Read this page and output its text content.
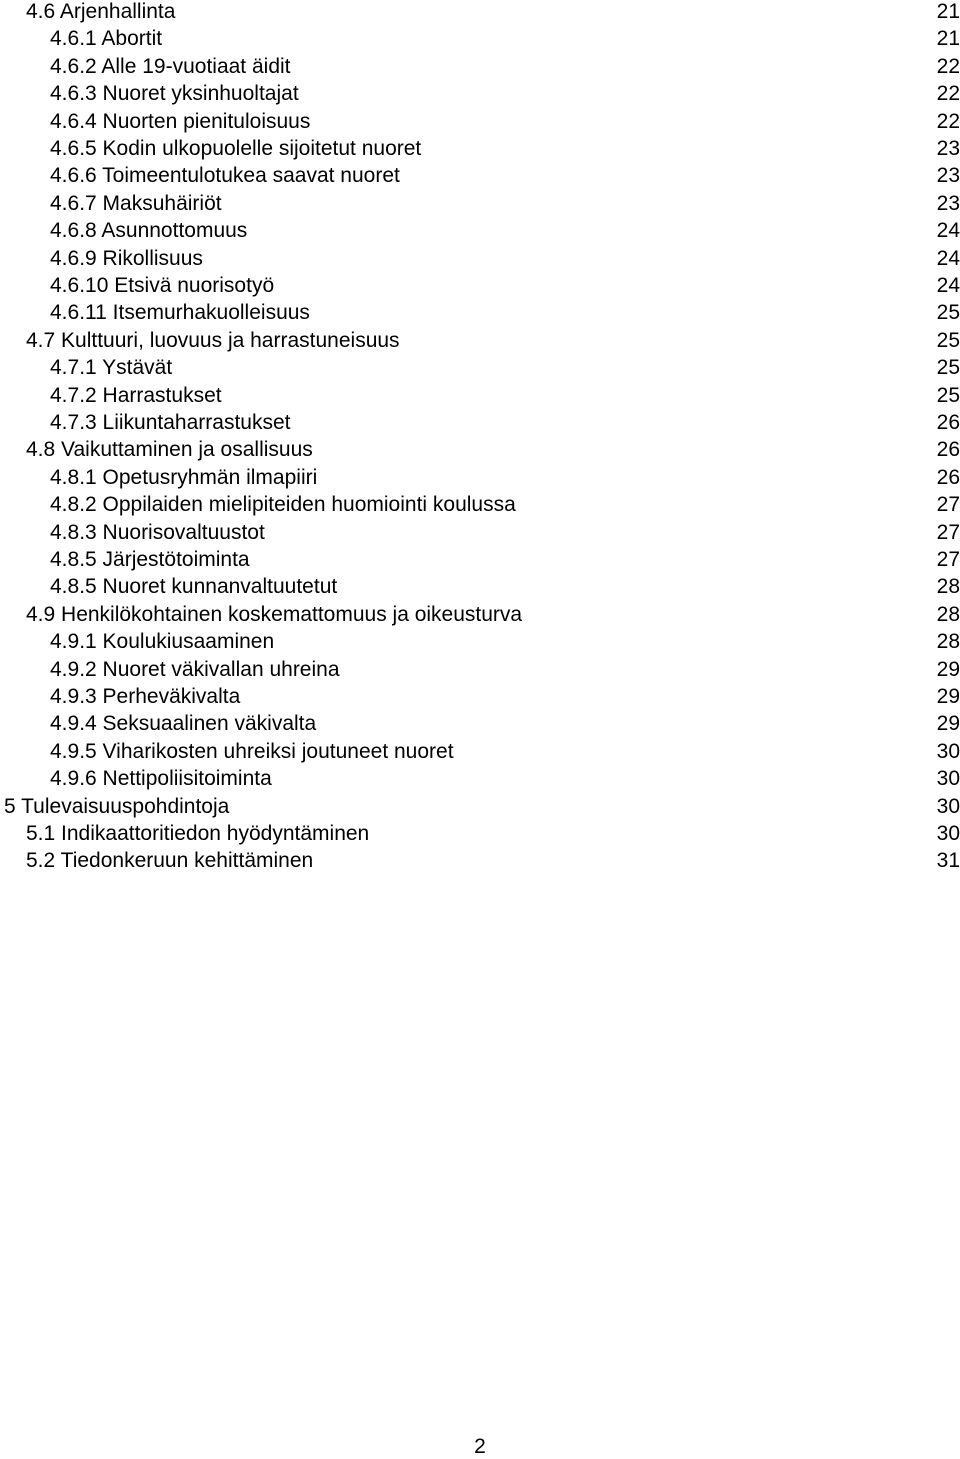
4.6 Arjenhallinta	21
4.6.1 Abortit	21
4.6.2 Alle 19-vuotiaat äidit	22
4.6.3 Nuoret yksinhuoltajat	22
4.6.4 Nuorten pienituloisuus	22
4.6.5 Kodin ulkopuolelle sijoitetut nuoret	23
4.6.6 Toimeentulotukea saavat nuoret	23
4.6.7 Maksuhäiriöt	23
4.6.8 Asunnottomuus	24
4.6.9 Rikollisuus	24
4.6.10 Etsivä nuorisotyö	24
4.6.11 Itsemurhakuolleisuus	25
4.7 Kulttuuri, luovuus ja harrastuneisuus	25
4.7.1 Ystävät	25
4.7.2 Harrastukset	25
4.7.3 Liikuntaharrastukset	26
4.8 Vaikuttaminen ja osallisuus	26
4.8.1 Opetusryhmän ilmapiiri	26
4.8.2 Oppilaiden mielipiteiden huomiointi koulussa	27
4.8.3 Nuorisovaltuustot	27
4.8.5 Järjestötoiminta	27
4.8.5 Nuoret kunnanvaltuutetut	28
4.9 Henkilökohtainen koskemattomuus ja oikeusturva	28
4.9.1 Koulukiusaaminen	28
4.9.2 Nuoret väkivallan uhreina	29
4.9.3 Perheväkivalta	29
4.9.4 Seksuaalinen väkivalta	29
4.9.5 Viharikosten uhreiksi joutuneet nuoret	30
4.9.6 Nettipoliisitoiminta	30
5 Tulevaisuuspohdintoja	30
5.1 Indikaattoritiedon hyödyntäminen	30
5.2 Tiedonkeruun kehittäminen	31
2
